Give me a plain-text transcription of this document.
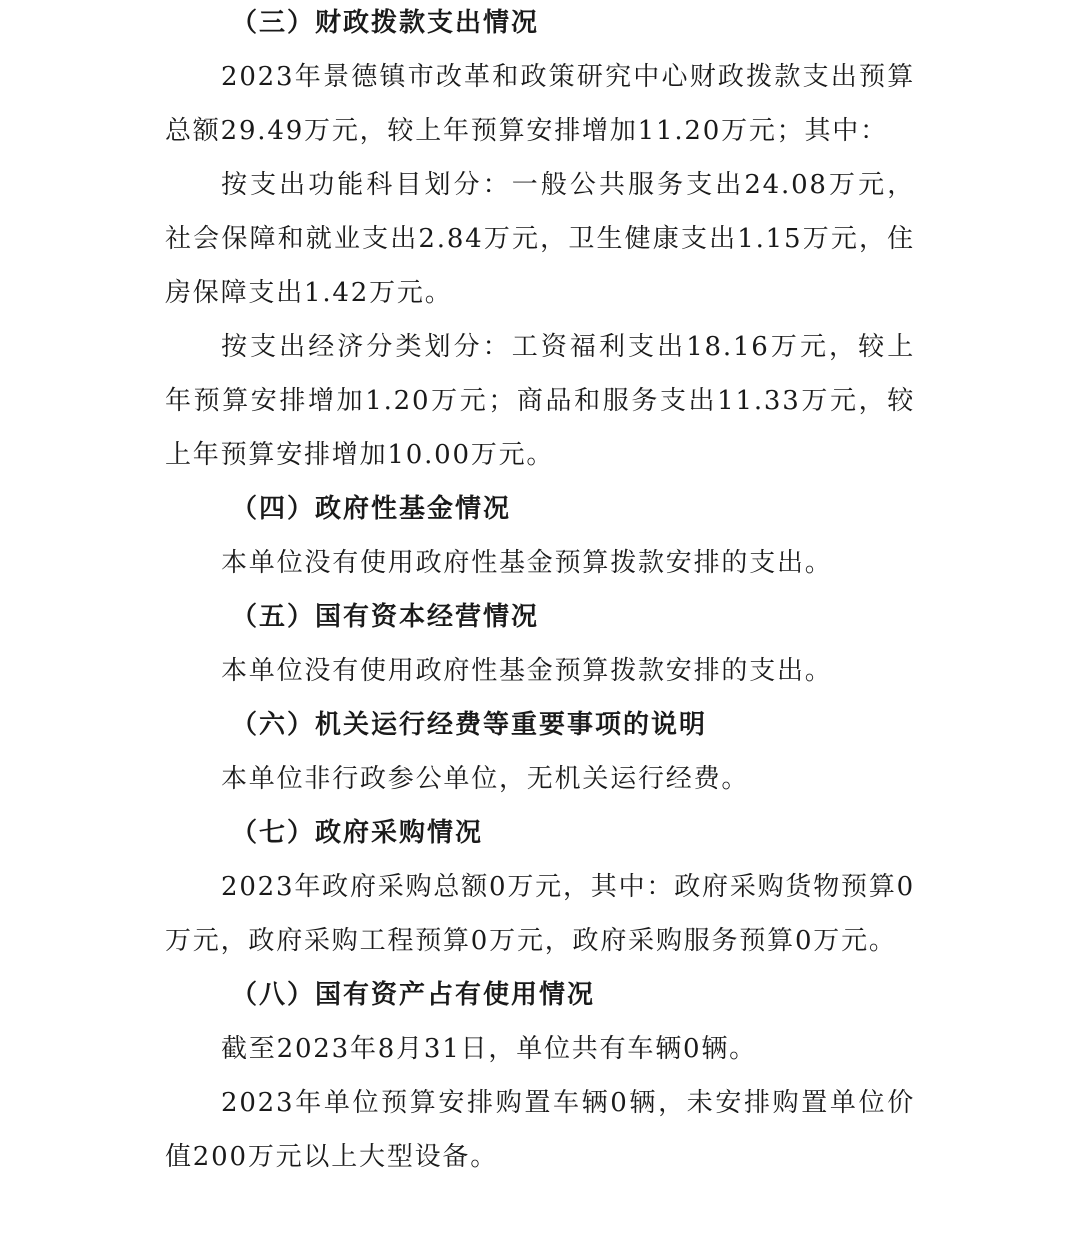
（三）财政拨款支出情况

2023年景德镇市改革和政策研究中心财政拨款支出预算总额29.49万元，较上年预算安排增加11.20万元；其中：

按支出功能科目划分：一般公共服务支出24.08万元，社会保障和就业支出2.84万元，卫生健康支出1.15万元，住房保障支出1.42万元。

按支出经济分类划分：工资福利支出18.16万元，较上年预算安排增加1.20万元；商品和服务支出11.33万元，较上年预算安排增加10.00万元。

（四）政府性基金情况

本单位没有使用政府性基金预算拨款安排的支出。

（五）国有资本经营情况

本单位没有使用政府性基金预算拨款安排的支出。

（六）机关运行经费等重要事项的说明

本单位非行政参公单位，无机关运行经费。

（七）政府采购情况

2023年政府采购总额0万元，其中：政府采购货物预算0万元，政府采购工程预算0万元，政府采购服务预算0万元。

（八）国有资产占有使用情况

截至2023年8月31日，单位共有车辆0辆。

2023年单位预算安排购置车辆0辆，未安排购置单位价值200万元以上大型设备。
